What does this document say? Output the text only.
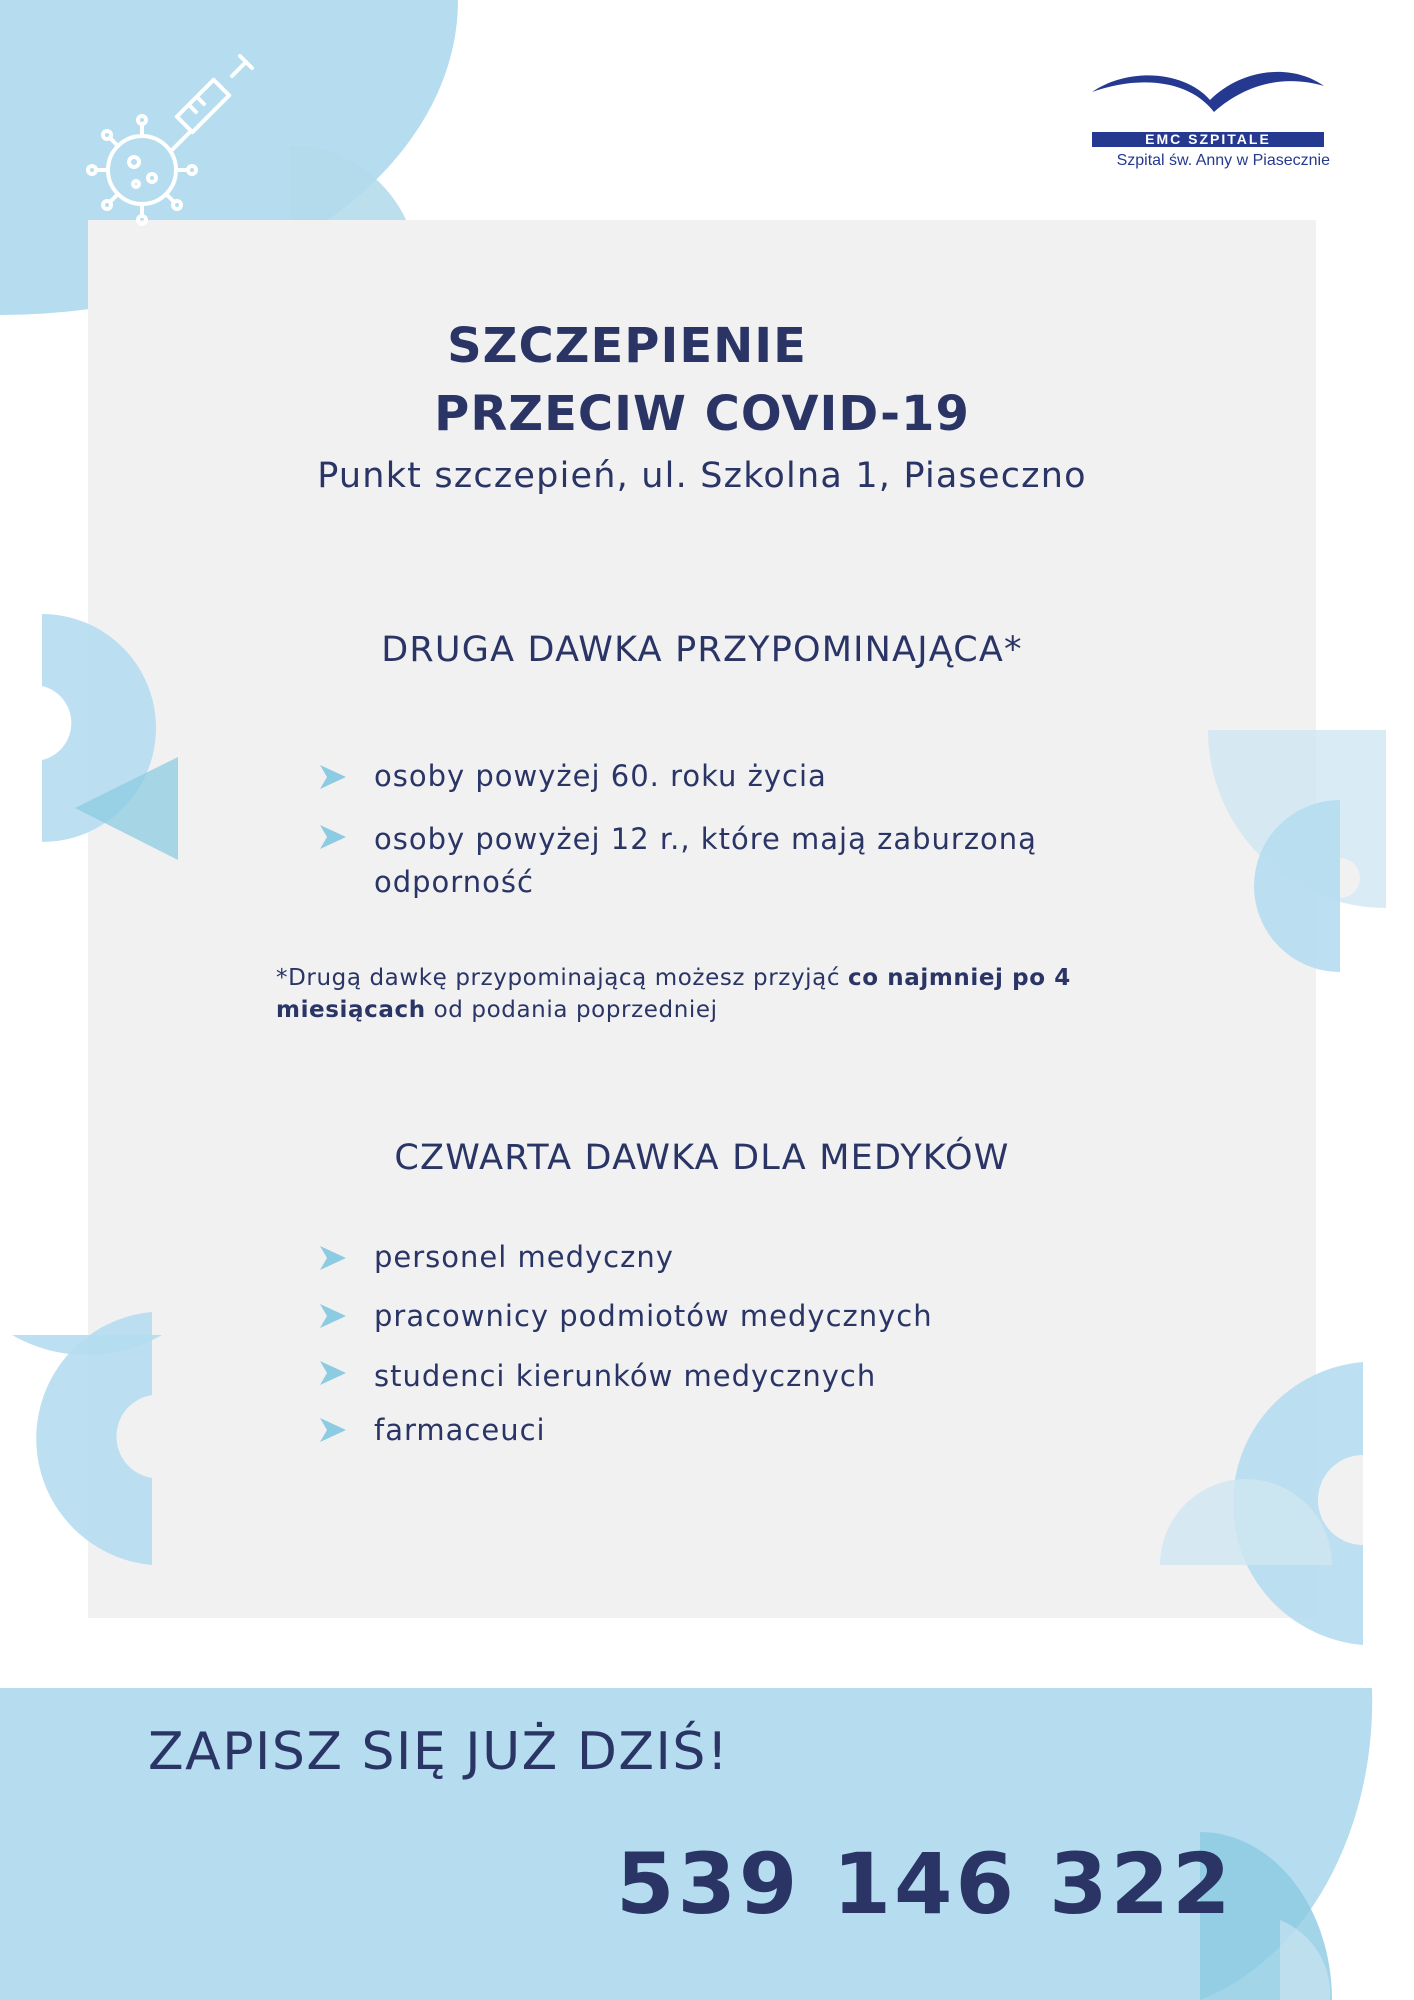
EMC SZPITALE
Szpital św. Anny w Piasecznie
SZCZEPIENIE
PRZECIW COVID-19
Punkt szczepień, ul. Szkolna 1, Piaseczno
DRUGA DAWKA PRZYPOMINAJĄCA*
osoby powyżej 60. roku życia
osoby powyżej 12 r., które mają zaburzoną odporność
*Drugą dawkę przypominającą możesz przyjąć co najmniej po 4 miesiącach od podania poprzedniej
CZWARTA DAWKA DLA MEDYKÓW
personel medyczny
pracownicy podmiotów medycznych
studenci kierunków medycznych
farmaceuci
ZAPISZ SIĘ JUŻ DZIŚ!
539 146 322
